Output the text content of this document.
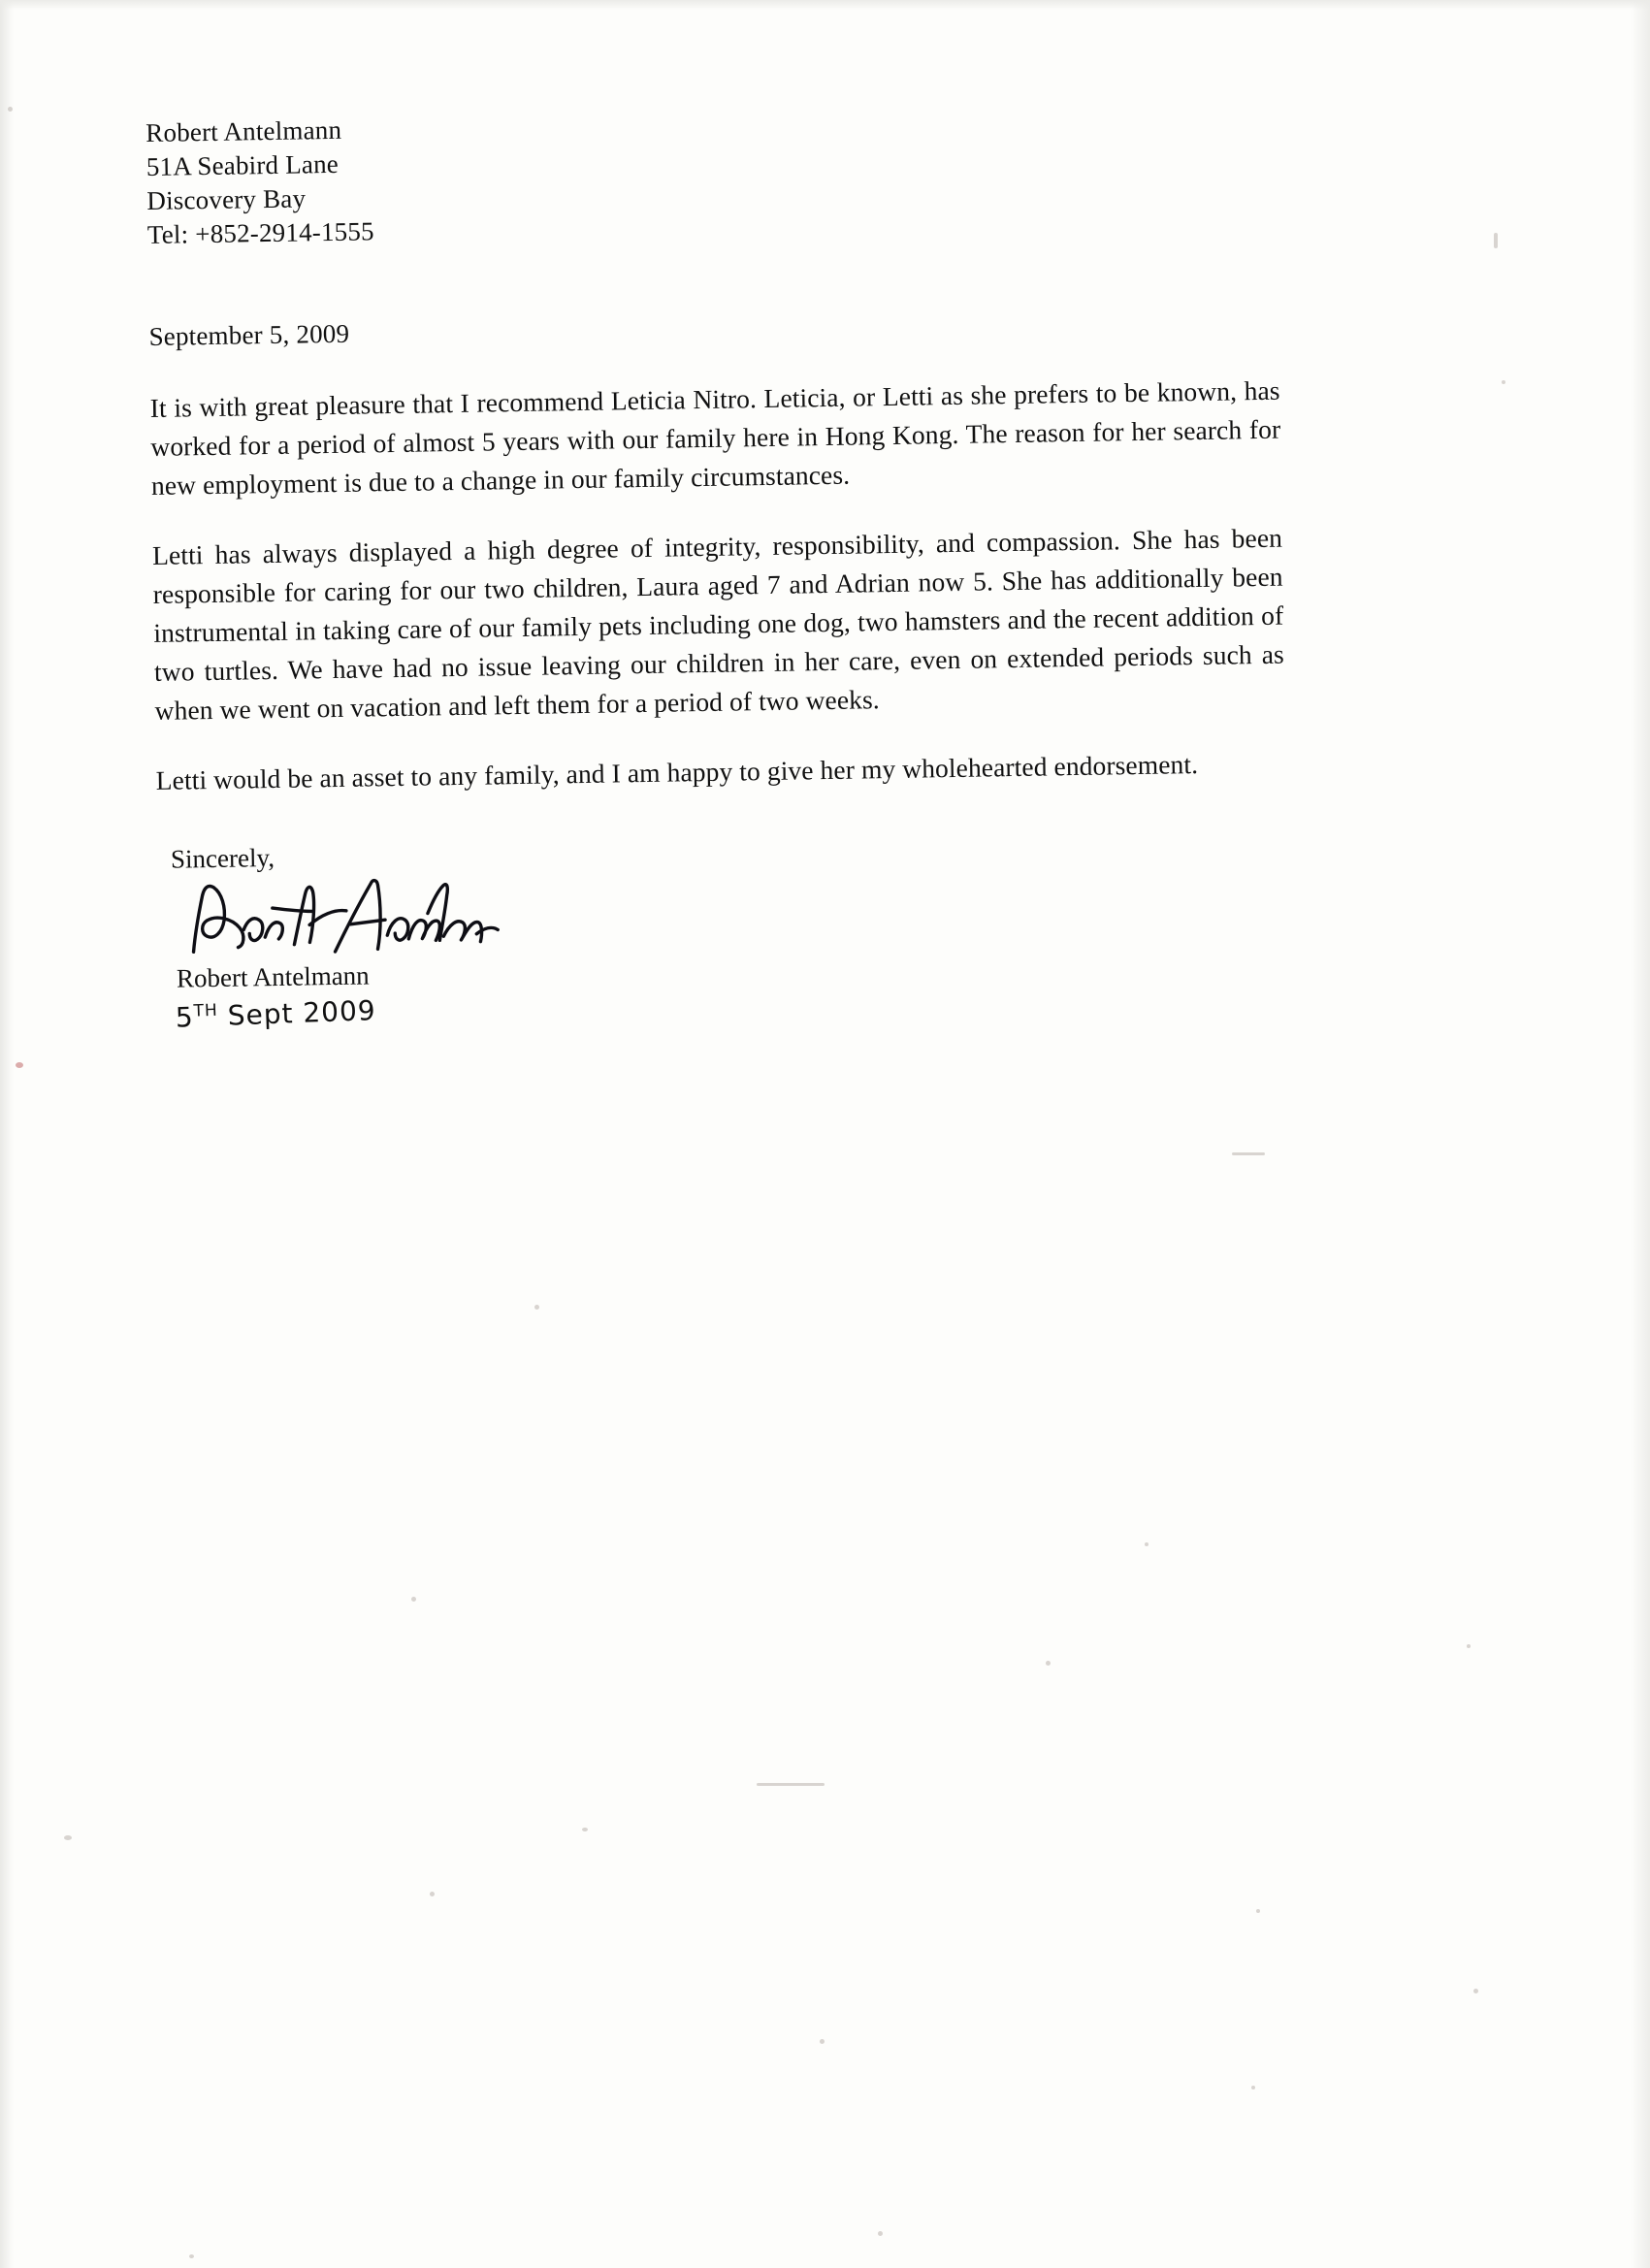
Robert Antelmann
51A Seabird Lane
Discovery Bay
Tel: +852-2914-1555
September 5, 2009
It is with great pleasure that I recommend Leticia Nitro. Leticia, or Letti as she prefers to be known, has worked for a period of almost 5 years with our family here in Hong Kong. The reason for her search for new employment is due to a change in our family circumstances.
Letti has always displayed a high degree of integrity, responsibility, and compassion. She has been responsible for caring for our two children, Laura aged 7 and Adrian now 5. She has additionally been instrumental in taking care of our family pets including one dog, two hamsters and the recent addition of two turtles. We have had no issue leaving our children in her care, even on extended periods such as when we went on vacation and left them for a period of two weeks.
Letti would be an asset to any family, and I am happy to give her my wholehearted endorsement.
Sincerely,
Robert Antelmann
5TH Sept 2009
